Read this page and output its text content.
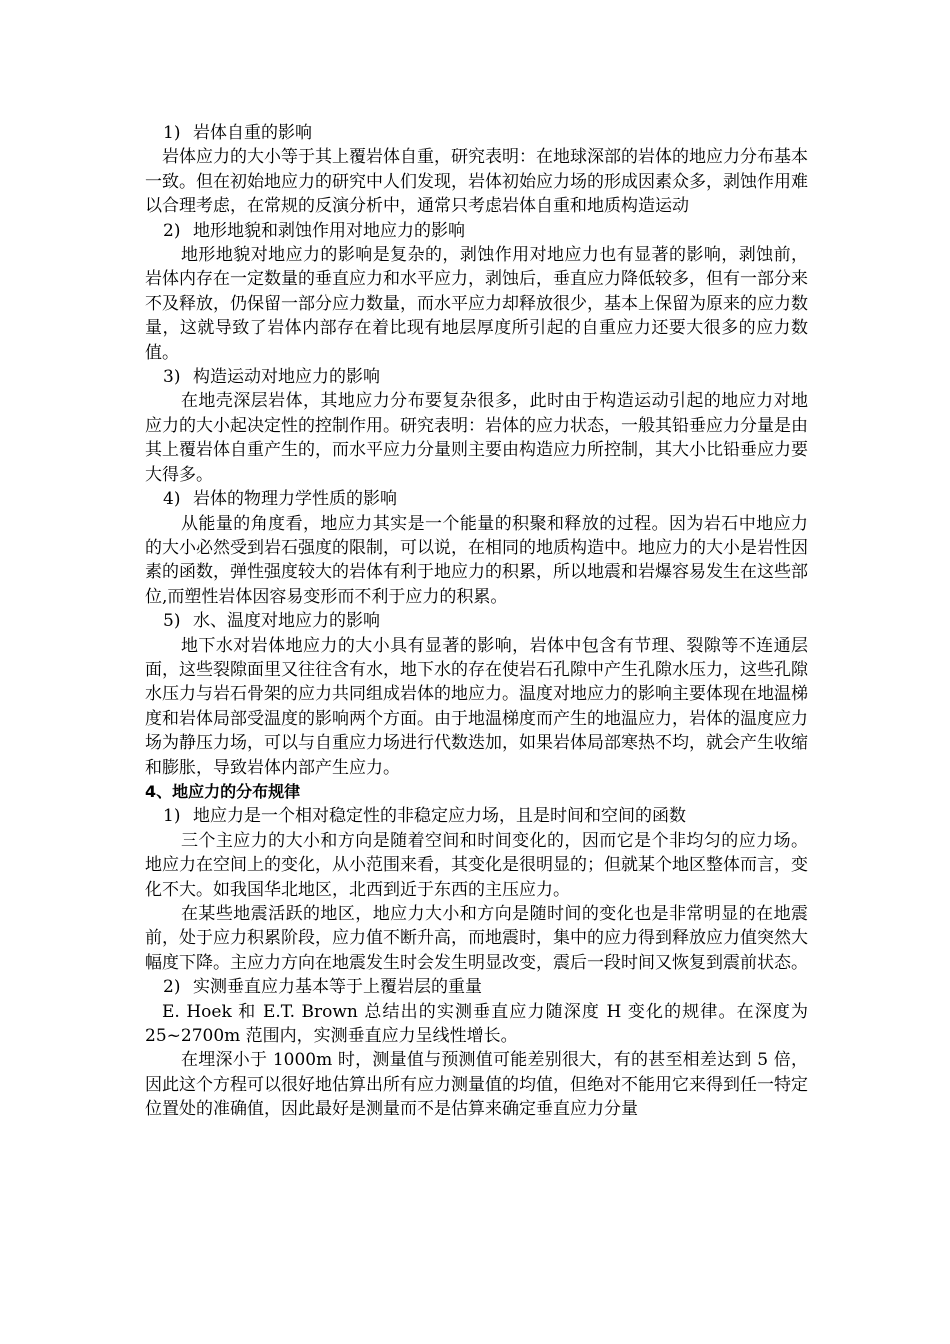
1) 岩体自重的影响

岩体应力的大小等于其上覆岩体自重，研究表明：在地球深部的岩体的地应力分布基本一致。但在初始地应力的研究中人们发现，岩体初始应力场的形成因素众多，剥蚀作用难以合理考虑，在常规的反演分析中，通常只考虑岩体自重和地质构造运动

2) 地形地貌和剥蚀作用对地应力的影响

地形地貌对地应力的影响是复杂的，剥蚀作用对地应力也有显著的影响，剥蚀前，岩体内存在一定数量的垂直应力和水平应力，剥蚀后，垂直应力降低较多，但有一部分来不及释放，仍保留一部分应力数量，而水平应力却释放很少，基本上保留为原来的应力数量，这就导致了岩体内部存在着比现有地层厚度所引起的自重应力还要大很多的应力数值。

3) 构造运动对地应力的影响

在地壳深层岩体，其地应力分布要复杂很多，此时由于构造运动引起的地应力对地应力的大小起决定性的控制作用。研究表明：岩体的应力状态，一般其铅垂应力分量是由其上覆岩体自重产生的，而水平应力分量则主要由构造应力所控制，其大小比铅垂应力要大得多。

4) 岩体的物理力学性质的影响

从能量的角度看，地应力其实是一个能量的积聚和释放的过程。因为岩石中地应力的大小必然受到岩石强度的限制，可以说，在相同的地质构造中。地应力的大小是岩性因素的函数，弹性强度较大的岩体有利于地应力的积累，所以地震和岩爆容易发生在这些部位,而塑性岩体因容易变形而不利于应力的积累。

5) 水、温度对地应力的影响

地下水对岩体地应力的大小具有显著的影响，岩体中包含有节理、裂隙等不连通层面，这些裂隙面里又往往含有水，地下水的存在使岩石孔隙中产生孔隙水压力，这些孔隙水压力与岩石骨架的应力共同组成岩体的地应力。温度对地应力的影响主要体现在地温梯度和岩体局部受温度的影响两个方面。由于地温梯度而产生的地温应力，岩体的温度应力场为静压力场，可以与自重应力场进行代数迭加，如果岩体局部寒热不均，就会产生收缩和膨胀，导致岩体内部产生应力。

4、地应力的分布规律

1) 地应力是一个相对稳定性的非稳定应力场，且是时间和空间的函数

三个主应力的大小和方向是随着空间和时间变化的，因而它是个非均匀的应力场。地应力在空间上的变化，从小范围来看，其变化是很明显的；但就某个地区整体而言，变化不大。如我国华北地区，北西到近于东西的主压应力。

在某些地震活跃的地区，地应力大小和方向是随时间的变化也是非常明显的在地震前，处于应力积累阶段，应力值不断升高，而地震时，集中的应力得到释放应力值突然大幅度下降。主应力方向在地震发生时会发生明显改变，震后一段时间又恢复到震前状态。

2) 实测垂直应力基本等于上覆岩层的重量

E. Hoek 和 E.T. Brown 总结出的实测垂直应力随深度 H 变化的规律。在深度为 25~2700m 范围内，实测垂直应力呈线性增长。

在埋深小于 1000m 时，测量值与预测值可能差别很大，有的甚至相差达到 5 倍，因此这个方程可以很好地估算出所有应力测量值的均值，但绝对不能用它来得到任一特定位置处的准确值，因此最好是测量而不是估算来确定垂直应力分量
